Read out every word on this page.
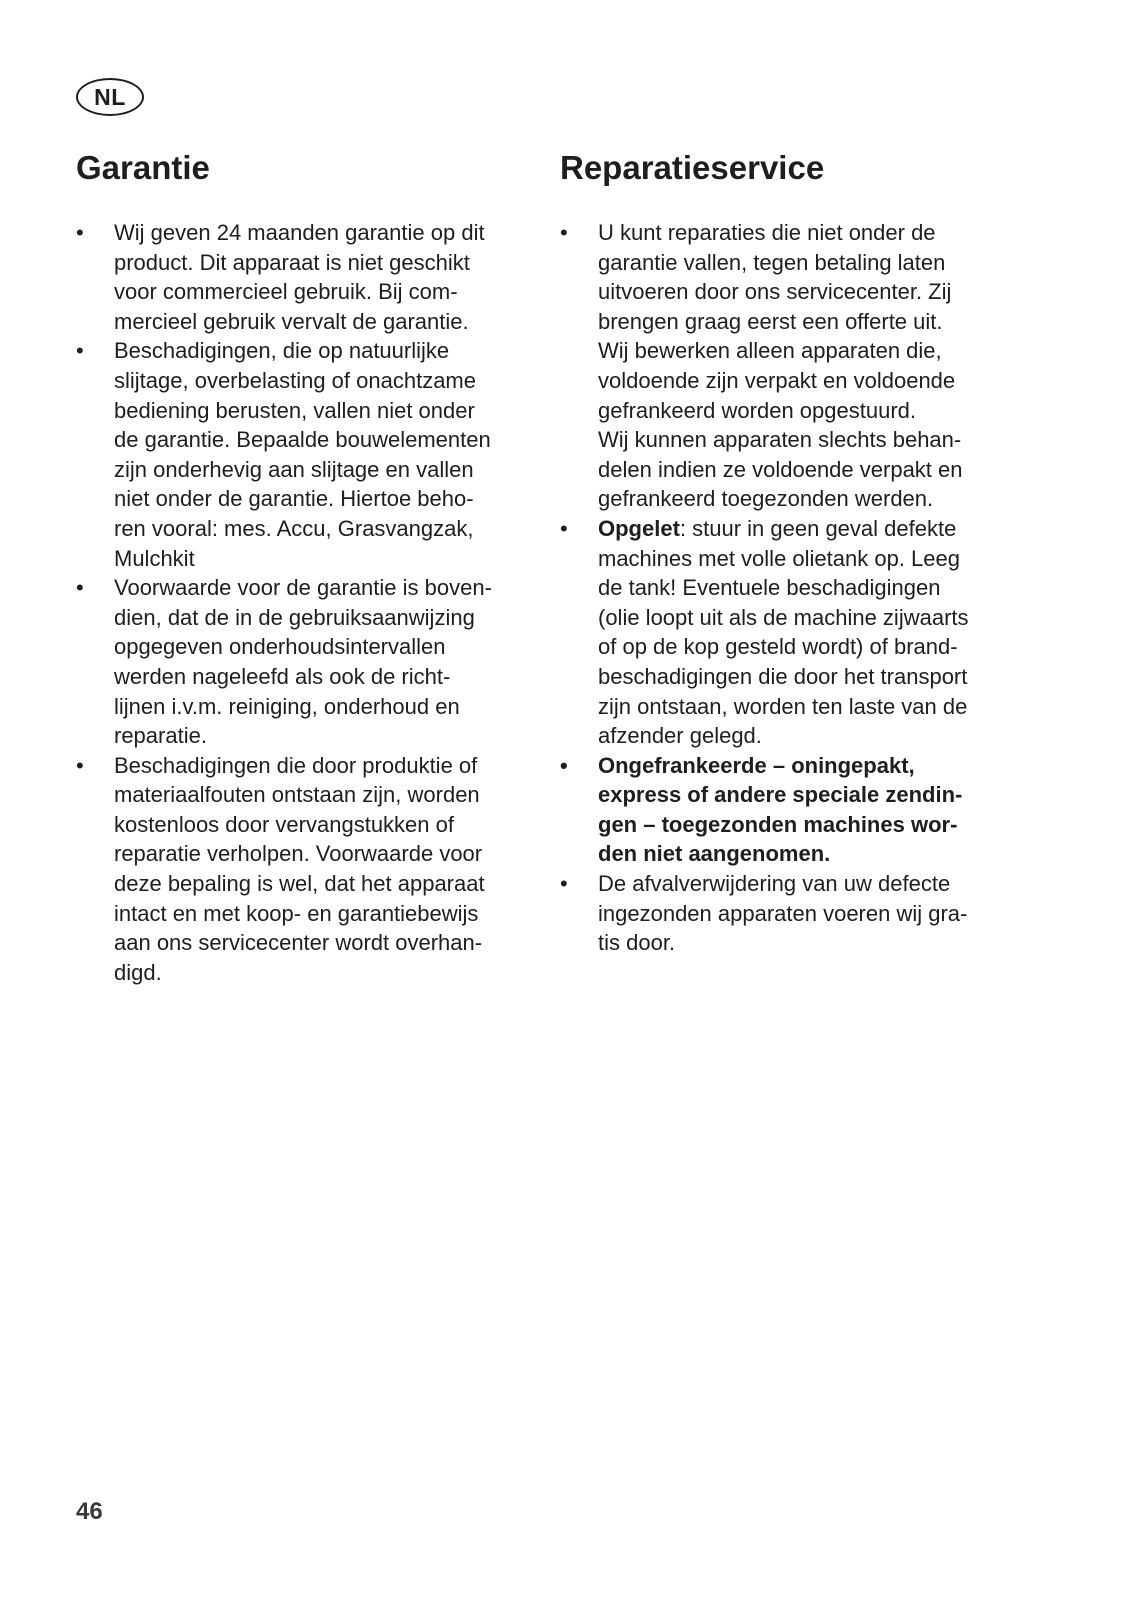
NL
Garantie
• Wij geven 24 maanden garantie op dit
product. Dit apparaat is niet geschikt
voor commercieel gebruik. Bij com-
mercieel gebruik vervalt de garantie.
• Beschadigingen, die op natuurlijke
slijtage, overbelasting of onachtzame
bediening berusten, vallen niet onder
de garantie. Bepaalde bouwelementen
zijn onderhevig aan slijtage en vallen
niet onder de garantie. Hiertoe beho-
ren vooral: mes. Accu, Grasvangzak,
Mulchkit
• Voorwaarde voor de garantie is boven-
dien, dat de in de gebruiksaanwijzing
opgegeven onderhoudsintervallen
werden nageleefd als ook de richt-
lijnen i.v.m. reiniging, onderhoud en
reparatie.
• Beschadigingen die door produktie of
materiaalfouten ontstaan zijn, worden
kostenloos door vervangstukken of
reparatie verholpen. Voorwaarde voor
deze bepaling is wel, dat het apparaat
intact en met koop- en garantiebewijs
aan ons servicecenter wordt overhan-
digd.
Reparatieservice
• U kunt reparaties die niet onder de
garantie vallen, tegen betaling laten
uitvoeren door ons servicecenter. Zij
brengen graag eerst een offerte uit.
Wij bewerken alleen apparaten die,
voldoende zijn verpakt en voldoende
gefrankeerd worden opgestuurd.
Wij kunnen apparaten slechts behan-
delen indien ze voldoende verpakt en
gefrankeerd toegezonden werden.
• Opgelet: stuur in geen geval defekte
machines met volle olietank op. Leeg
de tank! Eventuele beschadigingen
(olie loopt uit als de machine zijwaarts
of op de kop gesteld wordt) of brand-
beschadigingen die door het transport
zijn ontstaan, worden ten laste van de
afzender gelegd.
• Ongefrankeerde – oningepakt,
express of andere speciale zendin-
gen – toegezonden machines wor-
den niet aangenomen.
• De afvalverwijdering van uw defecte
ingezonden apparaten voeren wij gra-
tis door.
46
